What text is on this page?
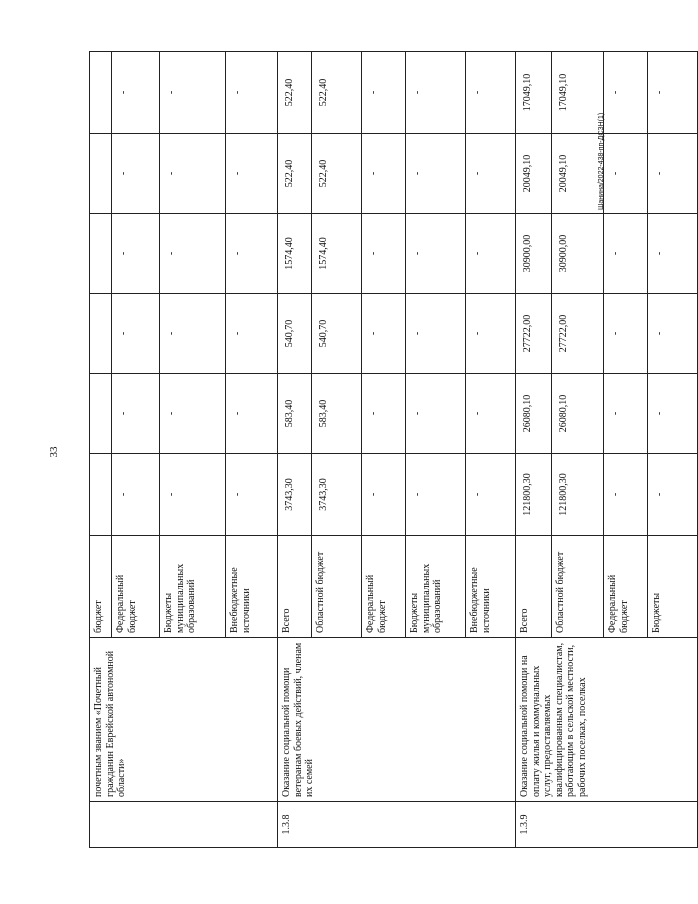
33
Шанина/2022-438-пп-ДСЗН(1)
	почетным званием «Почетный гражданин Еврейской автономной области»	бюджет						
		Федеральный бюджет	-	-	-	-	-	-
		Бюджеты муниципальных образований	-	-	-	-	-	-
		Внебюджетные источники	-	-	-	-	-	-
1.3.8	Оказание социальной помощи ветеранам боевых действий, членам их семей	Всего	3743,30	583,40	540,70	1574,40	522,40	522,40
		Областной бюджет	3743,30	583,40	540,70	1574,40	522,40	522,40
		Федеральный бюджет	-	-	-	-	-	-
		Бюджеты муниципальных образований	-	-	-	-	-	-
		Внебюджетные источники	-	-	-	-	-	-
1.3.9	Оказание социальной помощи на оплату жилья и коммунальных услуг, предоставляемых квалифицированным специалистам, работающим в сельской местности, рабочих поселках, поселках	Всего	121800,30	26080,10	27722,00	30900,00	20049,10	17049,10
		Областной бюджет	121800,30	26080,10	27722,00	30900,00	20049,10	17049,10
		Федеральный бюджет	-	-	-	-	-	-
		Бюджеты	-	-	-	-	-	-
